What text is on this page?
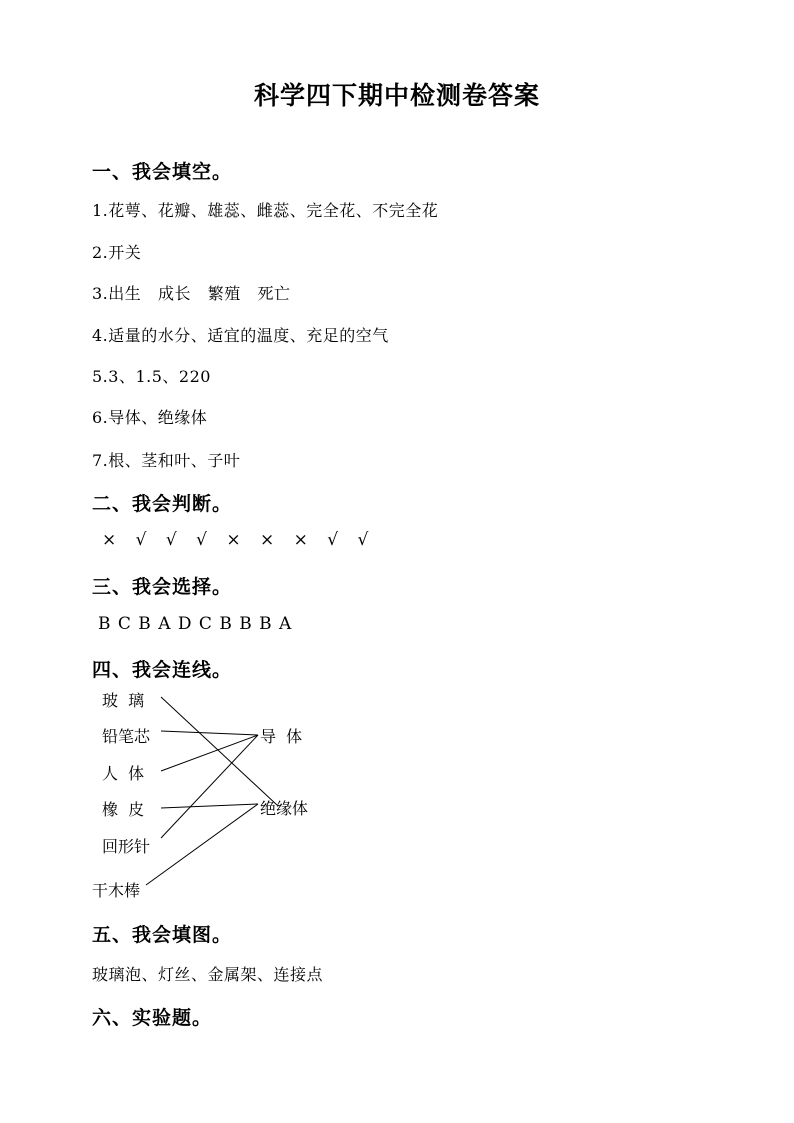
科学四下期中检测卷答案
一、我会填空。
1.花萼、花瓣、雄蕊、雌蕊、完全花、不完全花
2.开关
3.出生   成长   繁殖   死亡
4.适量的水分、适宜的温度、充足的空气
5.3、1.5、220
6.导体、绝缘体
7.根、茎和叶、子叶
二、我会判断。
× √ √ √ × × × √ √
三、我会选择。
B C B A D C B B B A
四、我会连线。
玻  璃
铅笔芯
人  体
橡  皮
回形针
干木棒
导  体
绝缘体
五、我会填图。
玻璃泡、灯丝、金属架、连接点
六、实验题。
